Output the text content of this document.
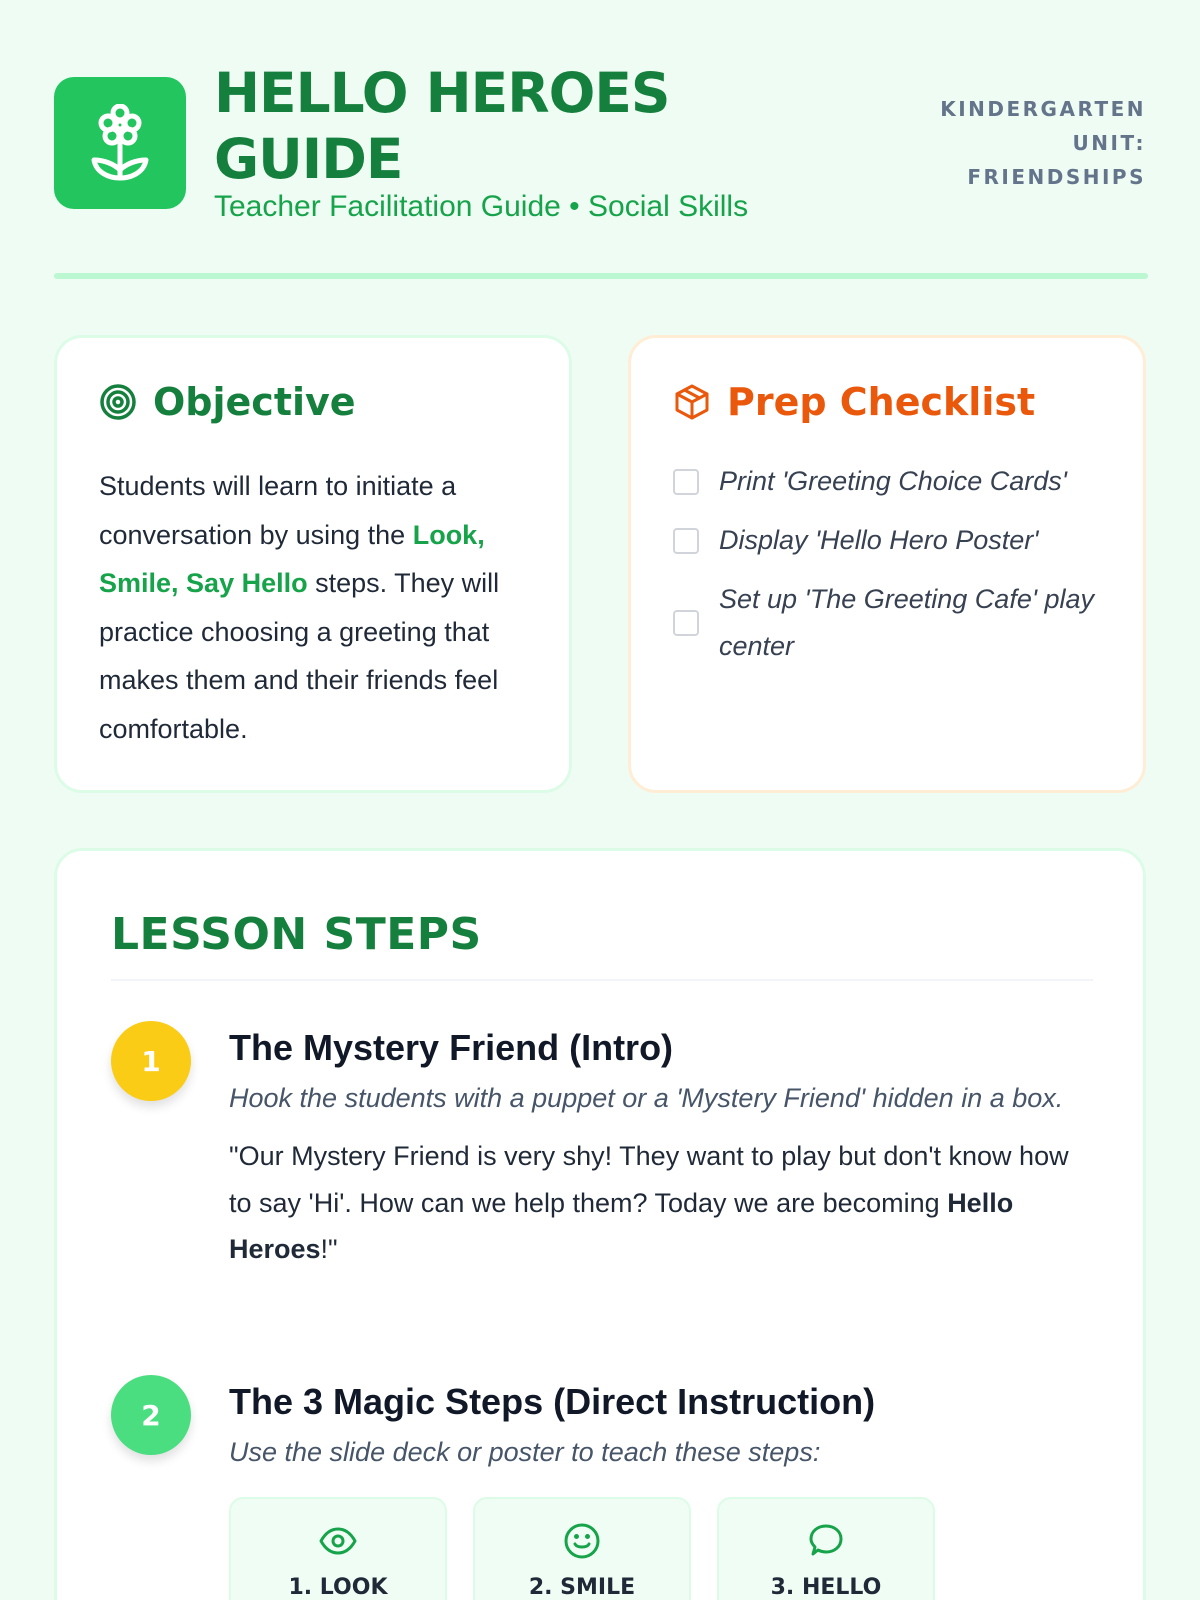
HELLO HEROES GUIDE
Teacher Facilitation Guide • Social Skills
KINDERGARTEN
UNIT:
FRIENDSHIPS
Objective

Students will learn to initiate a conversation by using the Look, Smile, Say Hello steps. They will practice choosing a greeting that makes them and their friends feel comfortable.

Prep Checklist
Print 'Greeting Choice Cards'
Display 'Hello Hero Poster'
Set up 'The Greeting Cafe' play center
LESSON STEPS
1	The Mystery Friend (Intro)

Hook the students with a puppet or a 'Mystery Friend' hidden in a box.

"Our Mystery Friend is very shy! They want to play but don't know how to say 'Hi'. How can we help them? Today we are becoming Hello Heroes!"

2	The 3 Magic Steps (Direct Instruction)

Use the slide deck or poster to teach these steps:

1. LOOK	2. SMILE	3. HELLO
